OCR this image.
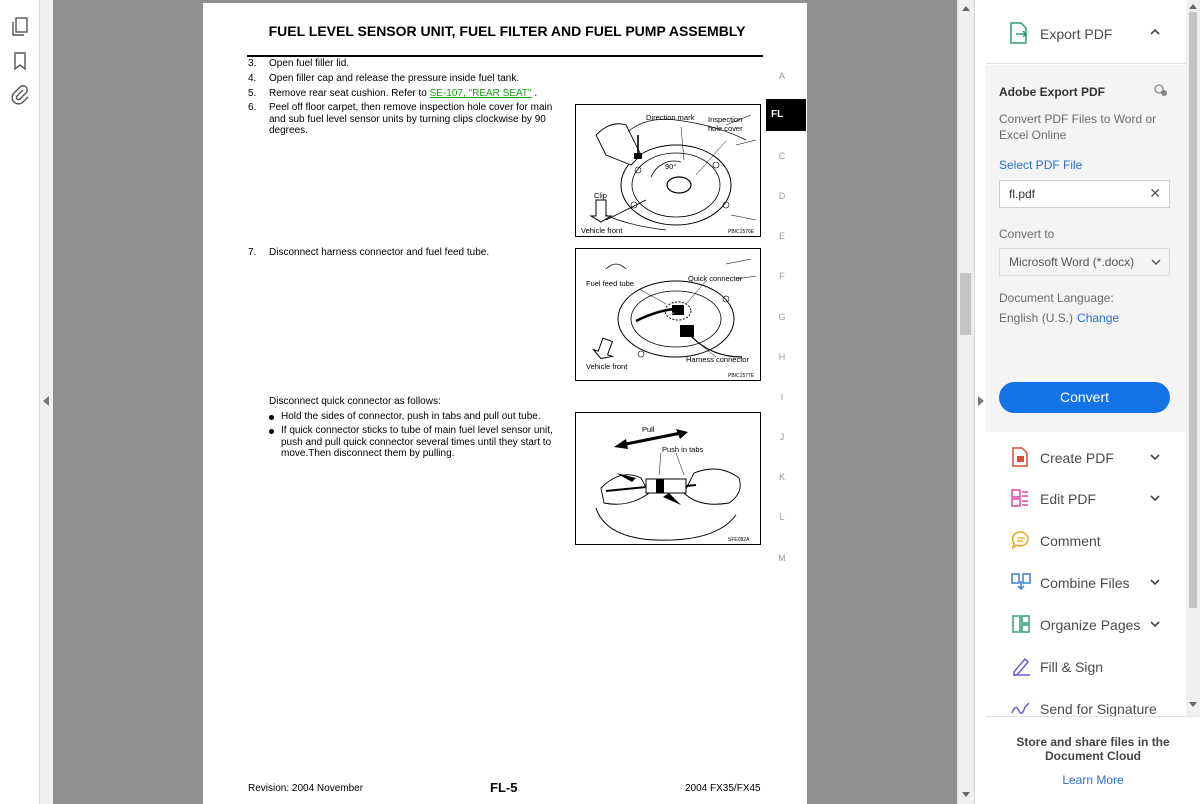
FUEL LEVEL SENSOR UNIT, FUEL FILTER AND FUEL PUMP ASSEMBLY
3.	Open fuel filler lid.
4.	Open filler cap and release the pressure inside fuel tank.
5.	Remove rear seat cushion. Refer to SE-107, "REAR SEAT" .
6.	Peel off floor carpet, then remove inspection hole cover for main
and sub fuel level sensor units by turning clips clockwise by 90
degrees.
7.	Disconnect harness connector and fuel feed tube.
Disconnect quick connector as follows:
Hold the sides of connector, push in tabs and pull out tube.
If quick connector sticks to tube of main fuel level sensor unit,
push and pull quick connector several times until they start to
move.Then disconnect them by pulling.
Direction mark Inspection
hole cover
90°
Clip
Vehicle front	PBIC1576E
Fuel feed tube
Quick connector
Harness connector
Vehicle front
PBIC1577E
Pull
Push in tabs
SFE082A
A
FL
C
D
E
F
G
H
I
J
K
L
M
Revision: 2004 November	FL-5	2004 FX35/FX45
Export PDF
Adobe Export PDF
Convert PDF Files to Word or Excel Online
Select PDF File
fl.pdf	✕
Convert to
Microsoft Word (*.docx)
Document Language:
English (U.S.) Change
Convert
Create PDF
Edit PDF
Comment
Combine Files
Organize Pages
Fill & Sign
Send for Signature
Store and share files in the Document Cloud
Learn More
